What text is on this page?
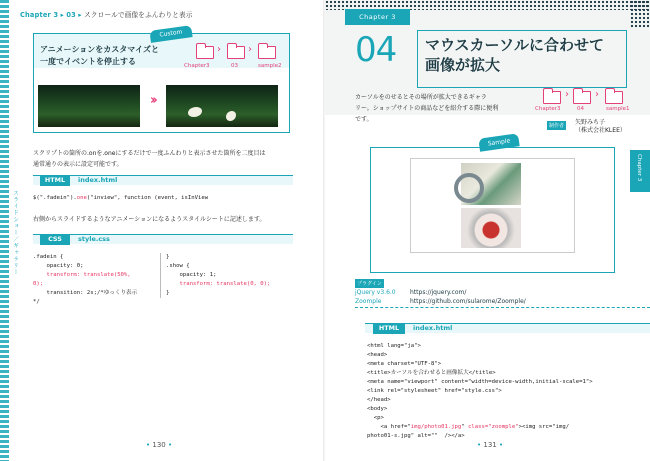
Chapter 3 ▸ 03 ▸ スクロールで画像をふんわりと表示
Custom
アニメーションをカスタマイズと
一度でイベントを停止する
›	›
Chapter3	03	sample2
››
スクリプトの箇所の.onを.oneにするだけで一度ふんわりと表示させた箇所を二度目は
通常通りの表示に設定可能です。
HTML	index.html
$(".fadein").one("inview", function (event, isInView
右側からスライドするようなアニメーションになるようスタイルシートに記述します。
CSS	style.css
.fadein {
opacity: 0;
transform: translate(50%,
0);
transition: 2s;/*ゆっくり表示
*/
}
.show {
opacity: 1;
transform: translate(0, 0);
}
スライドショー／ギャラリー
• 130 •
Chapter 3
04 マウスカーソルに合わせて
画像が拡大
カーソルをのせるとその場所が拡大できるギャラ
リー。ショップサイトの商品などを紹介する際に便利
です。
›	›
Chapter3	04	sample1
制作者	矢野みち子
（株式会社KLEE）
Sample
プラグイン
jQuery v3.6.0 https://jquery.com/
Zoomple	https://github.com/sularome/Zoomple/
HTML	index.html
<html lang="ja">
<head>
<meta charset="UTF-8">
<title>カーソルを合わせると画像拡大</title>
<meta name="viewport" content="width=device-width,initial-scale=1">
<link rel="stylesheet" href="style.css">
</head>
<body>
<p>
<a href="img/photo01.jpg" class="zoomple"><img src="img/
photo01-s.jpg" alt=""  /></a>
Chapter 3
• 131 •
